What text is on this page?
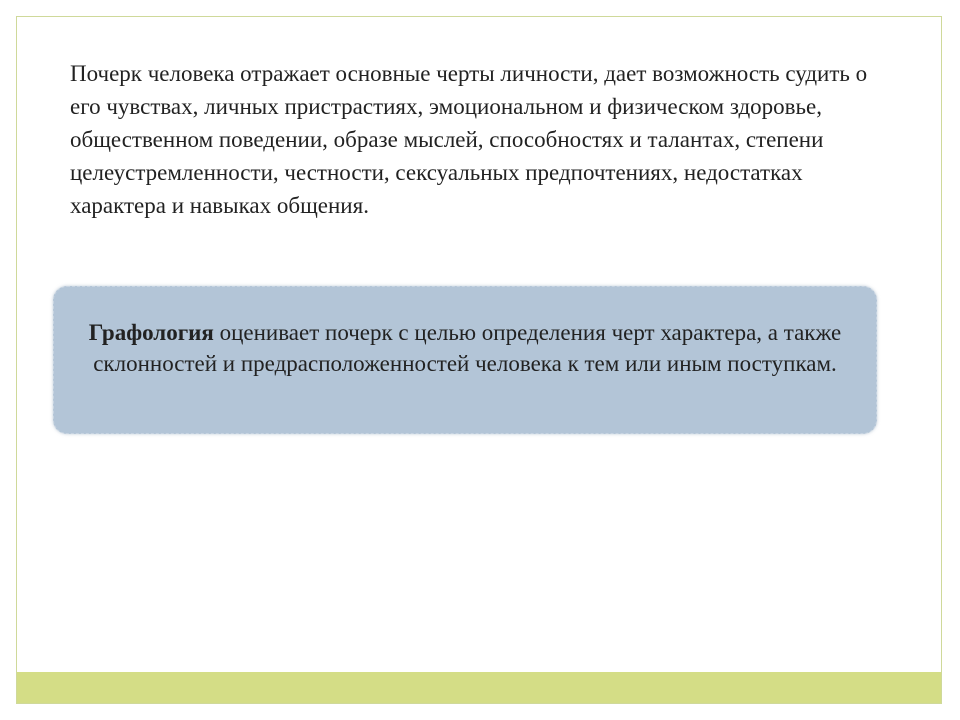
Почерк человека отражает основные черты личности, дает возможность судить о его чувствах, личных пристрастиях, эмоциональном и физическом здоровье, общественном поведении, образе мыслей, способностях и талантах, степени целеустремленности, честности, сексуальных предпочтениях, недостатках характера и навыках общения.

Графология оценивает почерк с целью определения черт характера, а также склонностей и предрасположенностей человека к тем или иным поступкам.
